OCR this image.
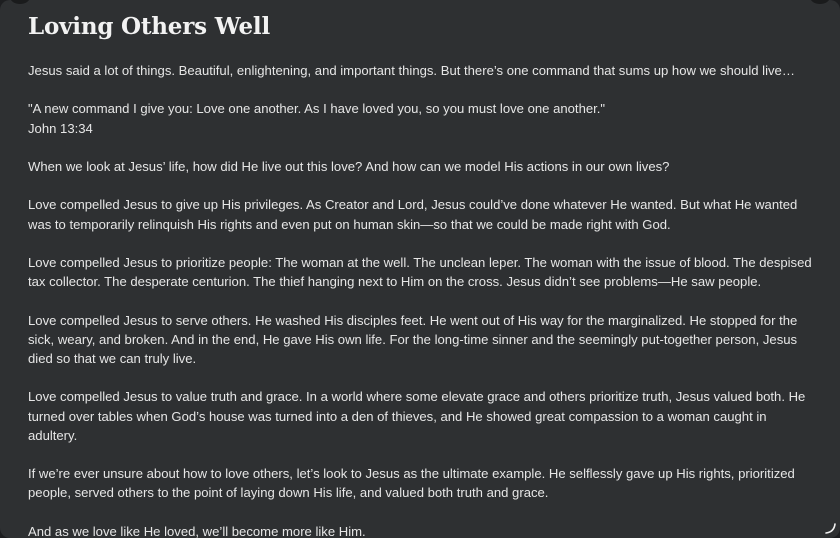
Loving Others Well

Jesus said a lot of things. Beautiful, enlightening, and important things. But there’s one command that sums up how we should live…

"A new command I give you: Love one another. As I have loved you, so you must love one another."
John 13:34

When we look at Jesus’ life, how did He live out this love? And how can we model His actions in our own lives?

Love compelled Jesus to give up His privileges. As Creator and Lord, Jesus could’ve done whatever He wanted. But what He wanted was to temporarily relinquish His rights and even put on human skin—so that we could be made right with God.

Love compelled Jesus to prioritize people: The woman at the well. The unclean leper. The woman with the issue of blood. The despised tax collector. The desperate centurion. The thief hanging next to Him on the cross. Jesus didn’t see problems—He saw people.

Love compelled Jesus to serve others. He washed His disciples feet. He went out of His way for the marginalized. He stopped for the sick, weary, and broken. And in the end, He gave His own life. For the long-time sinner and the seemingly put-together person, Jesus died so that we can truly live.

Love compelled Jesus to value truth and grace. In a world where some elevate grace and others prioritize truth, Jesus valued both. He turned over tables when God’s house was turned into a den of thieves, and He showed great compassion to a woman caught in adultery.

If we’re ever unsure about how to love others, let’s look to Jesus as the ultimate example. He selflessly gave up His rights, prioritized people, served others to the point of laying down His life, and valued both truth and grace.

And as we love like He loved, we’ll become more like Him.
